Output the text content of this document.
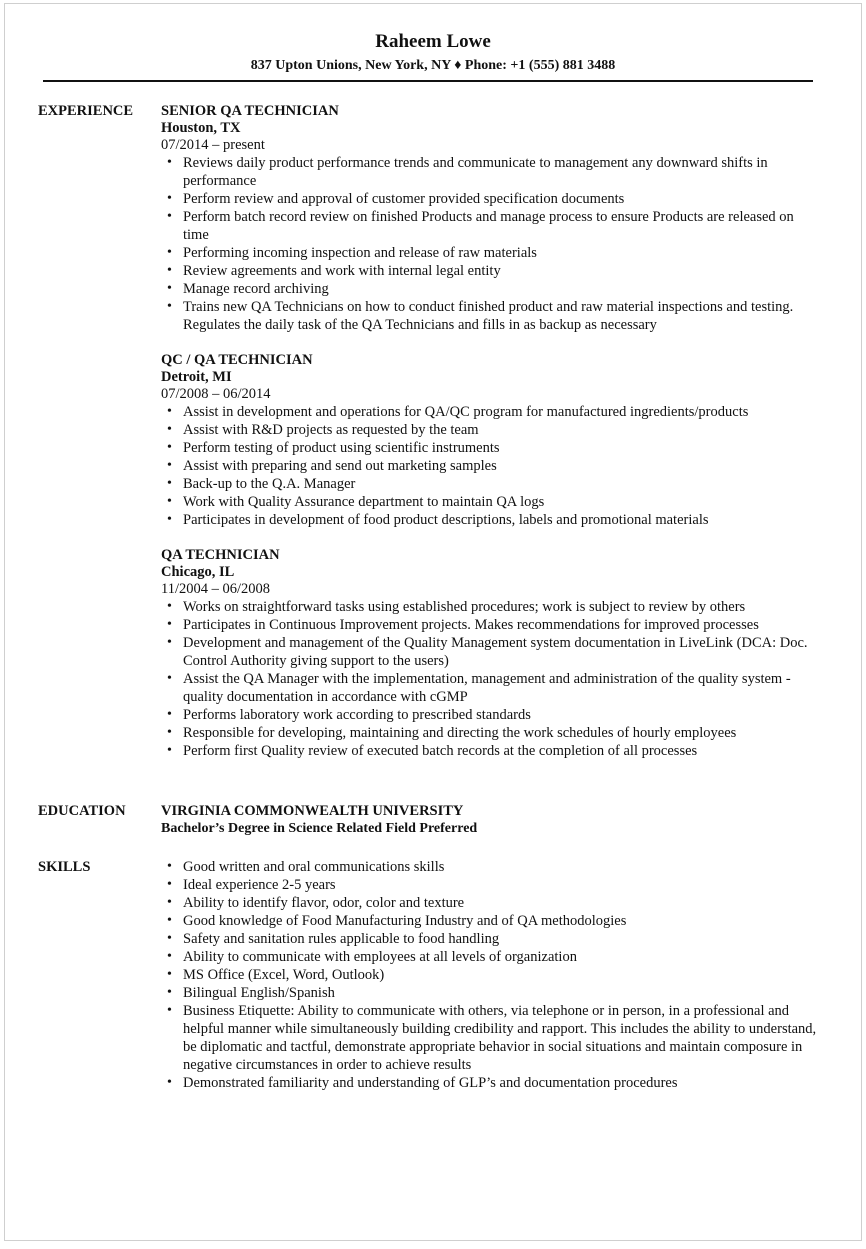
Raheem Lowe
837 Upton Unions, New York, NY ♦ Phone: +1 (555) 881 3488
EXPERIENCE	SENIOR QA TECHNICIAN
Houston, TX
07/2014 – present
• Reviews daily product performance trends and communicate to management any downward shifts in performance
• Perform review and approval of customer provided specification documents
• Perform batch record review on finished Products and manage process to ensure Products are released on time
• Performing incoming inspection and release of raw materials
• Review agreements and work with internal legal entity
• Manage record archiving
• Trains new QA Technicians on how to conduct finished product and raw material inspections and testing. Regulates the daily task of the QA Technicians and fills in as backup as necessary
QC / QA TECHNICIAN
Detroit, MI
07/2008 – 06/2014
• Assist in development and operations for QA/QC program for manufactured ingredients/products
• Assist with R&D projects as requested by the team
• Perform testing of product using scientific instruments
• Assist with preparing and send out marketing samples
• Back-up to the Q.A. Manager
• Work with Quality Assurance department to maintain QA logs
• Participates in development of food product descriptions, labels and promotional materials
QA TECHNICIAN
Chicago, IL
11/2004 – 06/2008
• Works on straightforward tasks using established procedures; work is subject to review by others
• Participates in Continuous Improvement projects. Makes recommendations for improved processes
• Development and management of the Quality Management system documentation in LiveLink (DCA: Doc. Control Authority giving support to the users)
• Assist the QA Manager with the implementation, management and administration of the quality system - quality documentation in accordance with cGMP
• Performs laboratory work according to prescribed standards
• Responsible for developing, maintaining and directing the work schedules of hourly employees
• Perform first Quality review of executed batch records at the completion of all processes
EDUCATION	VIRGINIA COMMONWEALTH UNIVERSITY
Bachelor’s Degree in Science Related Field Preferred
SKILLS
•	Good written and oral communications skills
• Ideal experience 2-5 years
• Ability to identify flavor, odor, color and texture
• Good knowledge of Food Manufacturing Industry and of QA methodologies
• Safety and sanitation rules applicable to food handling
• Ability to communicate with employees at all levels of organization
• MS Office (Excel, Word, Outlook)
• Bilingual English/Spanish
• Business Etiquette: Ability to communicate with others, via telephone or in person, in a professional and helpful manner while simultaneously building credibility and rapport. This includes the ability to understand, be diplomatic and tactful, demonstrate appropriate behavior in social situations and maintain composure in negative circumstances in order to achieve results
• Demonstrated familiarity and understanding of GLP’s and documentation procedures
